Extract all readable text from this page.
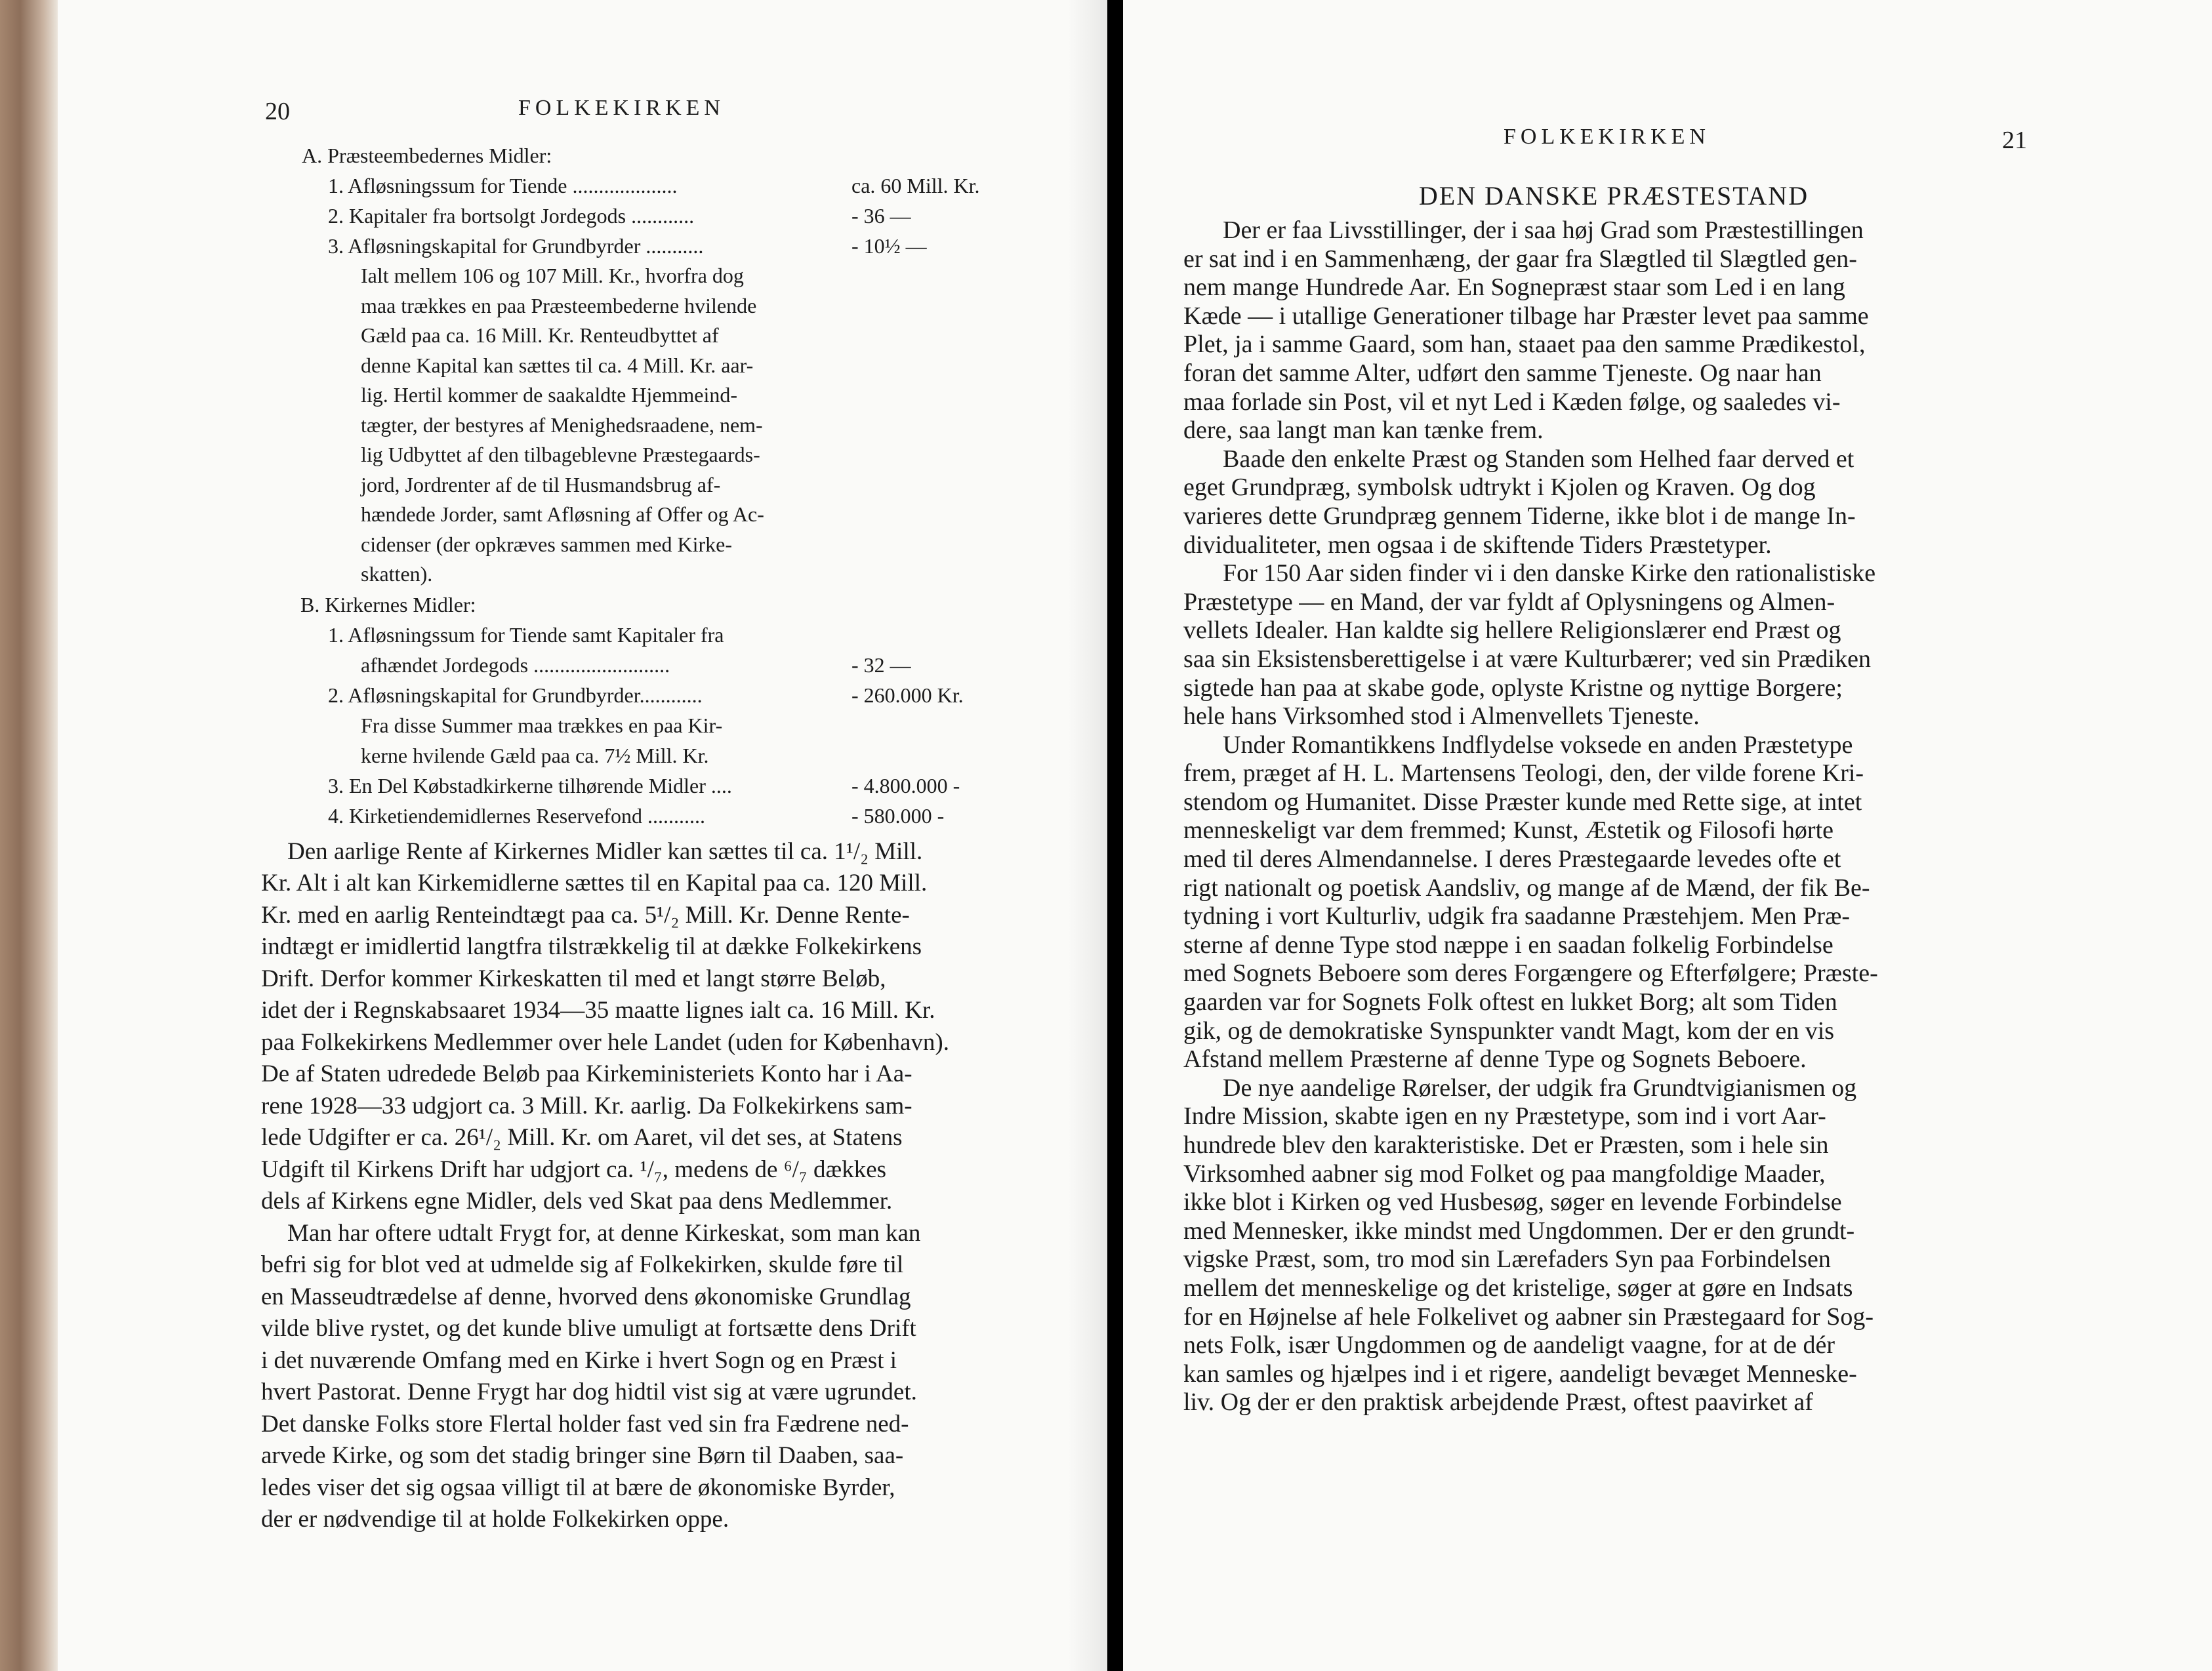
20	FOLKEKIRKEN
A. Præsteembedernes Midler:
1. Afløsningssum for Tiende ....................	ca. 60 Mill. Kr.
2. Kapitaler fra bortsolgt Jordegods ............	- 36 —
3. Afløsningskapital for Grundbyrder ...........	- 10½ —
Ialt mellem 106 og 107 Mill. Kr., hvorfra dog
maa trækkes en paa Præsteembederne hvilende
Gæld paa ca. 16 Mill. Kr. Renteudbyttet af
denne Kapital kan sættes til ca. 4 Mill. Kr. aar-
lig. Hertil kommer de saakaldte Hjemmeind-
tægter, der bestyres af Menighedsraadene, nem-
lig Udbyttet af den tilbageblevne Præstegaards-
jord, Jordrenter af de til Husmandsbrug af-
hændede Jorder, samt Afløsning af Offer og Ac-
cidenser (der opkræves sammen med Kirke-
skatten).
B. Kirkernes Midler:
1. Afløsningssum for Tiende samt Kapitaler fra
afhændet Jordegods ..........................	- 32 —
2. Afløsningskapital for Grundbyrder............	- 260.000 Kr.
Fra disse Summer maa trækkes en paa Kir-
kerne hvilende Gæld paa ca. 7½ Mill. Kr.
3. En Del Købstadkirkerne tilhørende Midler ....	- 4.800.000 -
4. Kirketiendemidlernes Reservefond ...........	- 580.000 -
Den aarlige Rente af Kirkernes Midler kan sættes til ca. 1¹/₂ Mill.
Kr. Alt i alt kan Kirkemidlerne sættes til en Kapital paa ca. 120 Mill.
Kr. med en aarlig Renteindtægt paa ca. 5¹/₂ Mill. Kr. Denne Rente-
indtægt er imidlertid langtfra tilstrækkelig til at dække Folkekirkens
Drift. Derfor kommer Kirkeskatten til med et langt større Beløb,
idet der i Regnskabsaaret 1934—35 maatte lignes ialt ca. 16 Mill. Kr.
paa Folkekirkens Medlemmer over hele Landet (uden for København).
De af Staten udredede Beløb paa Kirkeministeriets Konto har i Aa-
rene 1928—33 udgjort ca. 3 Mill. Kr. aarlig. Da Folkekirkens sam-
lede Udgifter er ca. 26¹/₂ Mill. Kr. om Aaret, vil det ses, at Statens
Udgift til Kirkens Drift har udgjort ca. ¹/₇, medens de ⁶/₇ dækkes
dels af Kirkens egne Midler, dels ved Skat paa dens Medlemmer.
Man har oftere udtalt Frygt for, at denne Kirkeskat, som man kan
befri sig for blot ved at udmelde sig af Folkekirken, skulde føre til
en Masseudtrædelse af denne, hvorved dens økonomiske Grundlag
vilde blive rystet, og det kunde blive umuligt at fortsætte dens Drift
i det nuværende Omfang med en Kirke i hvert Sogn og en Præst i
hvert Pastorat. Denne Frygt har dog hidtil vist sig at være ugrundet.
Det danske Folks store Flertal holder fast ved sin fra Fædrene ned-
arvede Kirke, og som det stadig bringer sine Børn til Daaben, saa-
ledes viser det sig ogsaa villigt til at bære de økonomiske Byrder,
der er nødvendige til at holde Folkekirken oppe.
FOLKEKIRKEN	21
DEN DANSKE PRÆSTESTAND
Der er faa Livsstillinger, der i saa høj Grad som Præstestillingen
er sat ind i en Sammenhæng, der gaar fra Slægtled til Slægtled gen-
nem mange Hundrede Aar. En Sognepræst staar som Led i en lang
Kæde — i utallige Generationer tilbage har Præster levet paa samme
Plet, ja i samme Gaard, som han, staaet paa den samme Prædikestol,
foran det samme Alter, udført den samme Tjeneste. Og naar han
maa forlade sin Post, vil et nyt Led i Kæden følge, og saaledes vi-
dere, saa langt man kan tænke frem.
Baade den enkelte Præst og Standen som Helhed faar derved et
eget Grundpræg, symbolsk udtrykt i Kjolen og Kraven. Og dog
varieres dette Grundpræg gennem Tiderne, ikke blot i de mange In-
dividualiteter, men ogsaa i de skiftende Tiders Præstetyper.
For 150 Aar siden finder vi i den danske Kirke den rationalistiske
Præstetype — en Mand, der var fyldt af Oplysningens og Almen-
vellets Idealer. Han kaldte sig hellere Religionslærer end Præst og
saa sin Eksistensberettigelse i at være Kulturbærer; ved sin Prædiken
sigtede han paa at skabe gode, oplyste Kristne og nyttige Borgere;
hele hans Virksomhed stod i Almenvellets Tjeneste.
Under Romantikkens Indflydelse voksede en anden Præstetype
frem, præget af H. L. Martensens Teologi, den, der vilde forene Kri-
stendom og Humanitet. Disse Præster kunde med Rette sige, at intet
menneskeligt var dem fremmed; Kunst, Æstetik og Filosofi hørte
med til deres Almendannelse. I deres Præstegaarde levedes ofte et
rigt nationalt og poetisk Aandsliv, og mange af de Mænd, der fik Be-
tydning i vort Kulturliv, udgik fra saadanne Præstehjem. Men Præ-
sterne af denne Type stod næppe i en saadan folkelig Forbindelse
med Sognets Beboere som deres Forgængere og Efterfølgere; Præste-
gaarden var for Sognets Folk oftest en lukket Borg; alt som Tiden
gik, og de demokratiske Synspunkter vandt Magt, kom der en vis
Afstand mellem Præsterne af denne Type og Sognets Beboere.
De nye aandelige Rørelser, der udgik fra Grundtvigianismen og
Indre Mission, skabte igen en ny Præstetype, som ind i vort Aar-
hundrede blev den karakteristiske. Det er Præsten, som i hele sin
Virksomhed aabner sig mod Folket og paa mangfoldige Maader,
ikke blot i Kirken og ved Husbesøg, søger en levende Forbindelse
med Mennesker, ikke mindst med Ungdommen. Der er den grundt-
vigske Præst, som, tro mod sin Lærefaders Syn paa Forbindelsen
mellem det menneskelige og det kristelige, søger at gøre en Indsats
for en Højnelse af hele Folkelivet og aabner sin Præstegaard for Sog-
nets Folk, især Ungdommen og de aandeligt vaagne, for at de dér
kan samles og hjælpes ind i et rigere, aandeligt bevæget Menneske-
liv. Og der er den praktisk arbejdende Præst, oftest paavirket af
